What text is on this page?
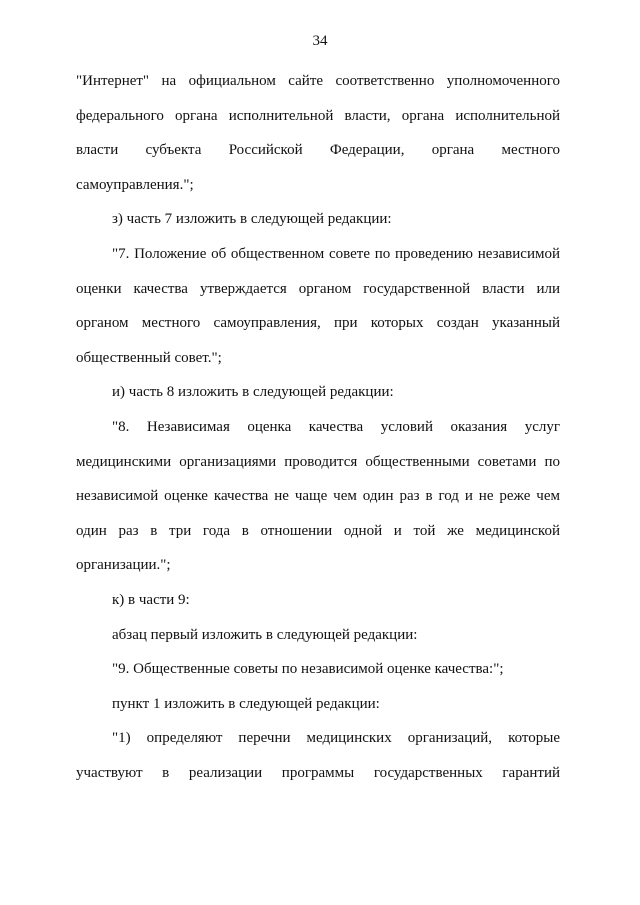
34
"Интернет" на официальном сайте соответственно уполномоченного
федерального органа исполнительной власти, органа исполнительной
власти субъекта Российской Федерации, органа местного
самоуправления.";
з) часть 7 изложить в следующей редакции:
"7. Положение об общественном совете по проведению независимой
оценки качества утверждается органом государственной власти или
органом местного самоуправления, при которых создан указанный
общественный совет.";
и) часть 8 изложить в следующей редакции:
"8. Независимая оценка качества условий оказания услуг
медицинскими организациями проводится общественными советами по
независимой оценке качества не чаще чем один раз в год и не реже чем
один раз в три года в отношении одной и той же медицинской
организации.";
к) в части 9:
абзац первый изложить в следующей редакции:
"9. Общественные советы по независимой оценке качества:";
пункт 1 изложить в следующей редакции:
"1) определяют перечни медицинских организаций, которые
участвуют в реализации программы государственных гарантий
